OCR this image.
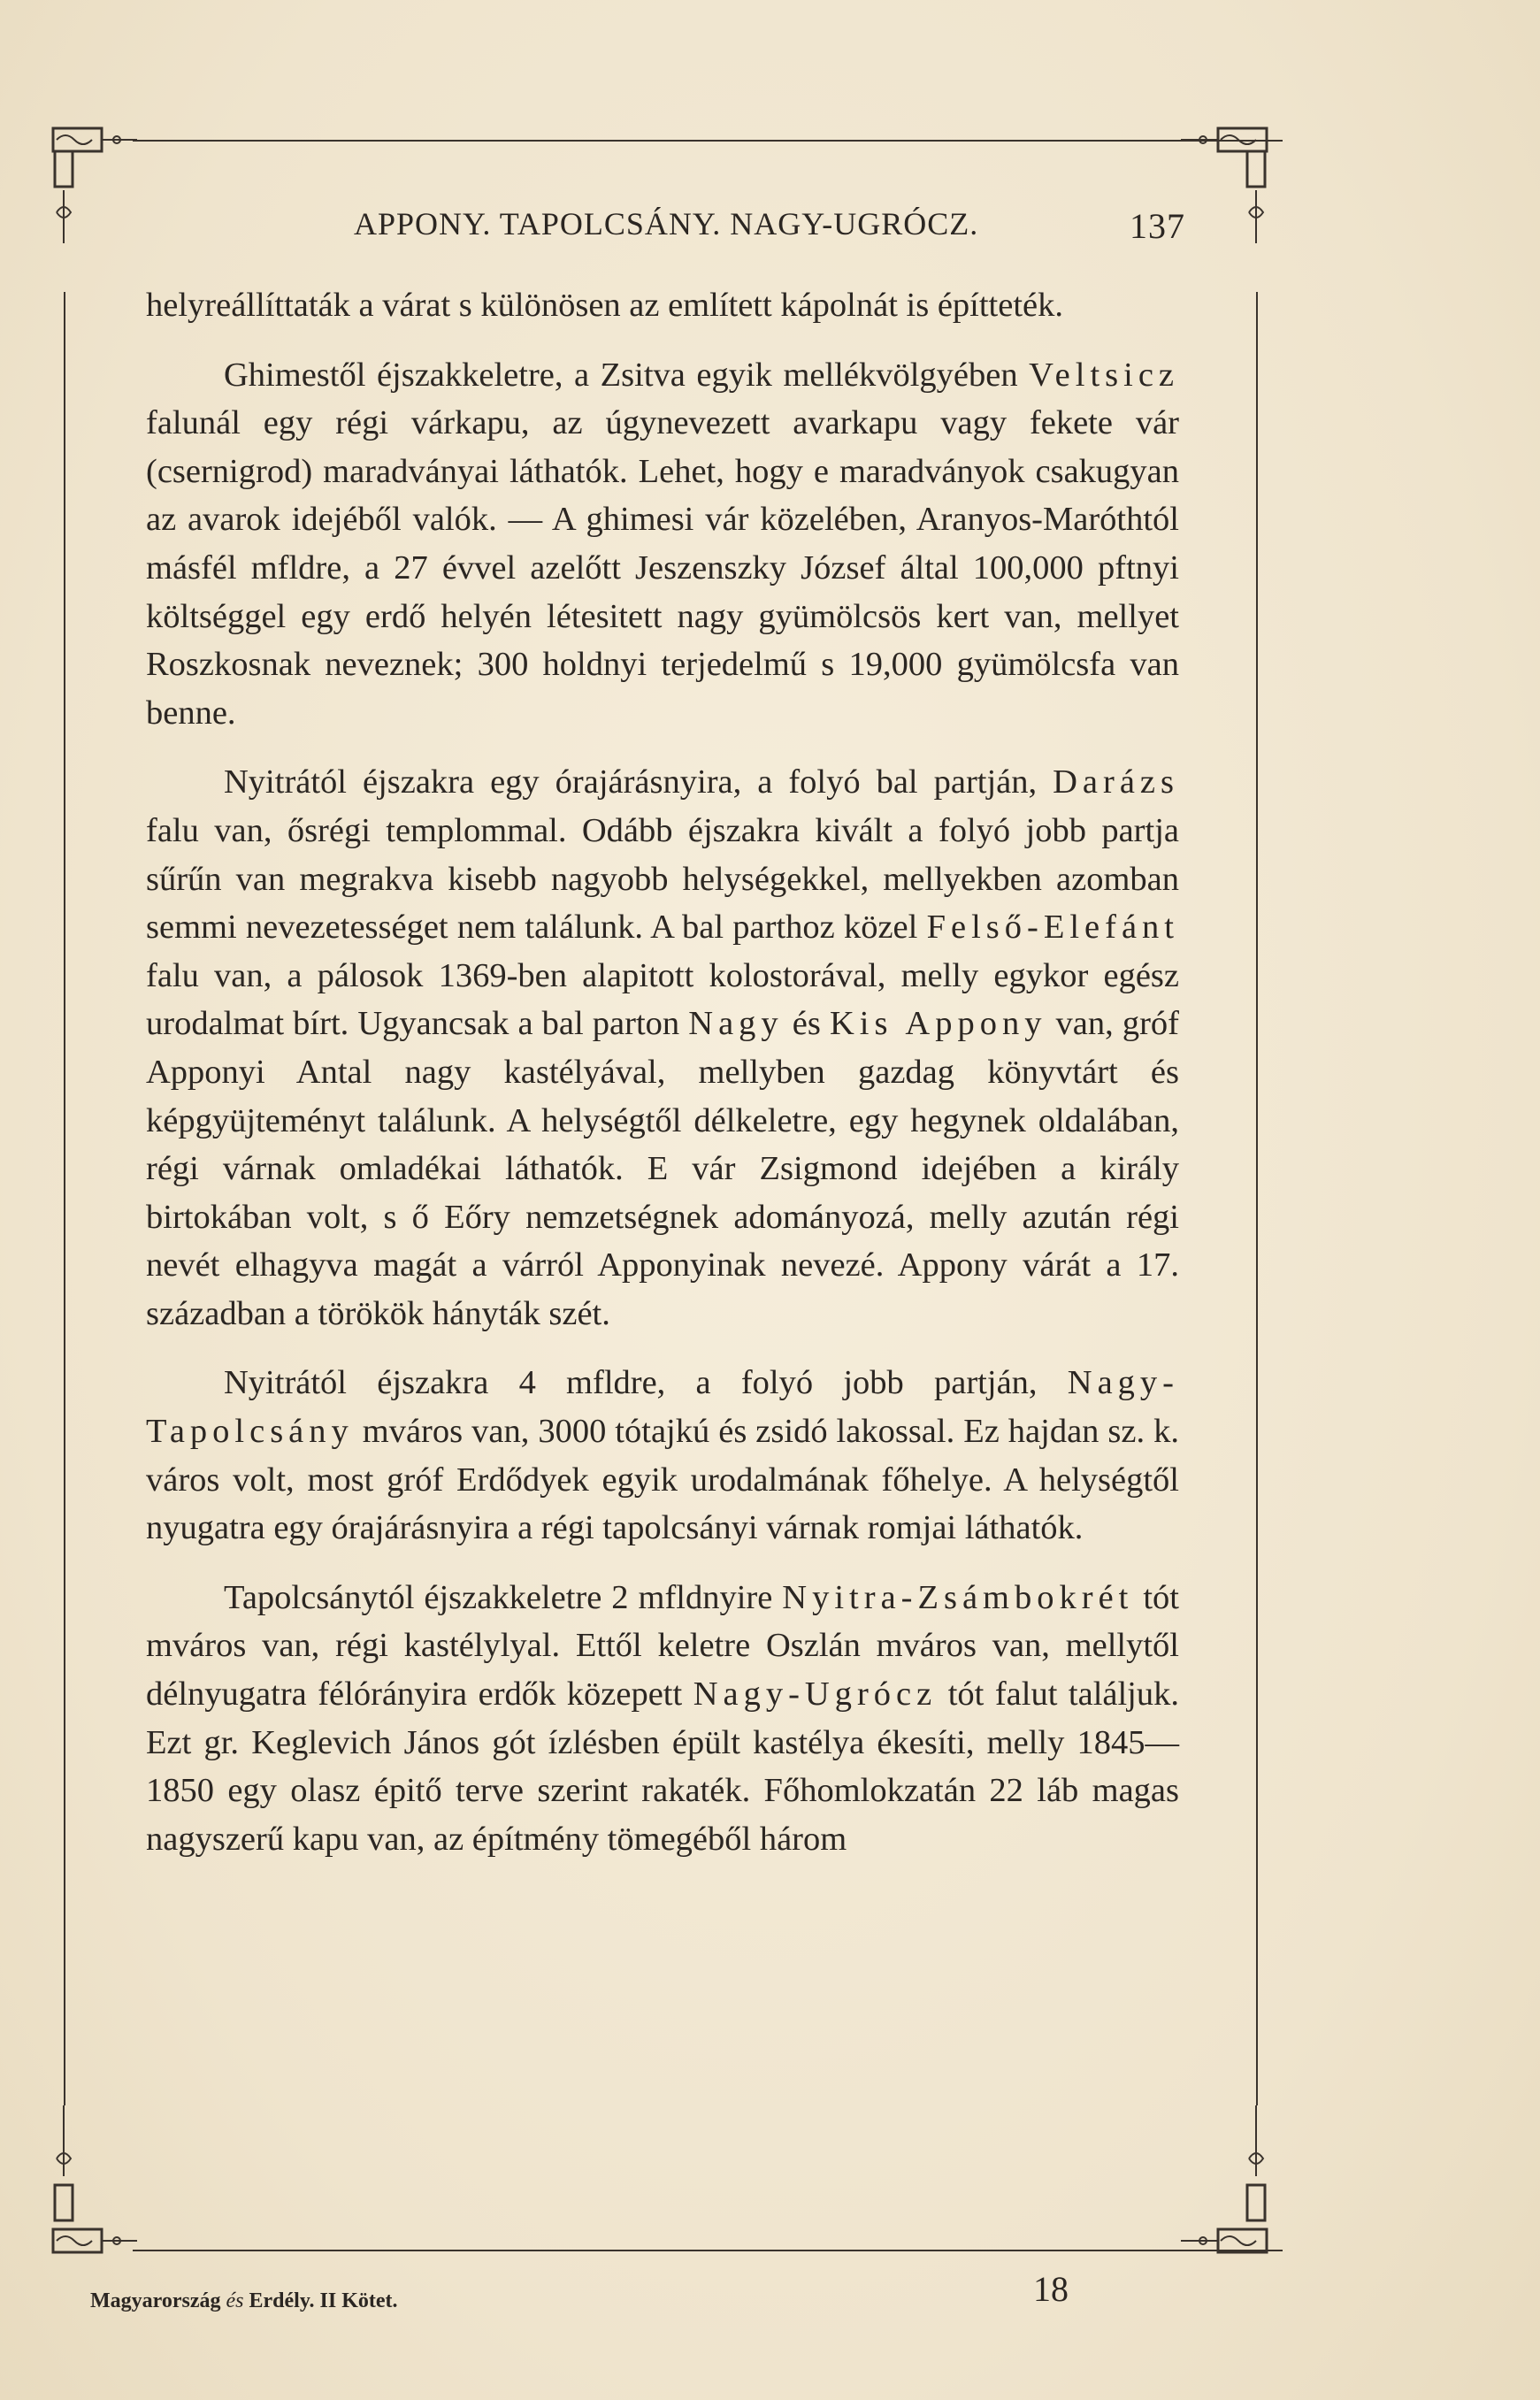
APPONY. TAPOLCSÁNY. NAGY-UGRÓCZ.	137

helyreállíttaták a várat s különösen az említett kápolnát is építteték.

Ghimestől éjszakkeletre, a Zsitva egyik mellékvölgyében Veltsicz falunál egy régi várkapu, az úgynevezett avarkapu vagy fekete vár (csernigrod) maradványai láthatók. Lehet, hogy e maradványok csakugyan az avarok idejéből valók. — A ghimesi vár közelében, Aranyos-Maróthtól másfél mfldre, a 27 évvel azelőtt Jeszenszky József által 100,000 pftnyi költséggel egy erdő helyén létesitett nagy gyümölcsös kert van, mellyet Roszkosnak neveznek; 300 holdnyi terjedelmű s 19,000 gyümölcsfa van benne.

Nyitrától éjszakra egy órajárásnyira, a folyó bal partján, Darázs falu van, ősrégi templommal. Odább éjszakra kivált a folyó jobb partja sűrűn van megrakva kisebb nagyobb helységekkel, mellyekben azomban semmi nevezetességet nem találunk. A bal parthoz közel Felső-Elefánt falu van, a pálosok 1369-ben alapitott kolostorával, melly egykor egész urodalmat bírt. Ugyancsak a bal parton Nagy és Kis Appony van, gróf Apponyi Antal nagy kastélyával, mellyben gazdag könyvtárt és képgyüjteményt találunk. A helységtől délkeletre, egy hegynek oldalában, régi várnak omladékai láthatók. E vár Zsigmond idejében a király birtokában volt, s ő Eőry nemzetségnek adományozá, melly azután régi nevét elhagyva magát a várról Apponyinak nevezé. Appony várát a 17. században a törökök hányták szét.

Nyitrától éjszakra 4 mfldre, a folyó jobb partján, Nagy-Tapolcsány mváros van, 3000 tótajkú és zsidó lakossal. Ez hajdan sz. k. város volt, most gróf Erdődyek egyik urodalmának főhelye. A helységtől nyugatra egy órajárásnyira a régi tapolcsányi várnak romjai láthatók.

Tapolcsánytól éjszakkeletre 2 mfldnyire Nyitra-Zsámbokrét tót mváros van, régi kastélylyal. Ettől keletre Oszlán mváros van, mellytől délnyugatra félórányira erdők közepett Nagy-Ugrócz tót falut találjuk. Ezt gr. Keglevich János gót ízlésben épült kastélya ékesíti, melly 1845—1850 egy olasz épitő terve szerint rakaték. Főhomlokzatán 22 láb magas nagyszerű kapu van, az építmény tömegéből három

Magyarország és Erdély. II Kötet.	18
